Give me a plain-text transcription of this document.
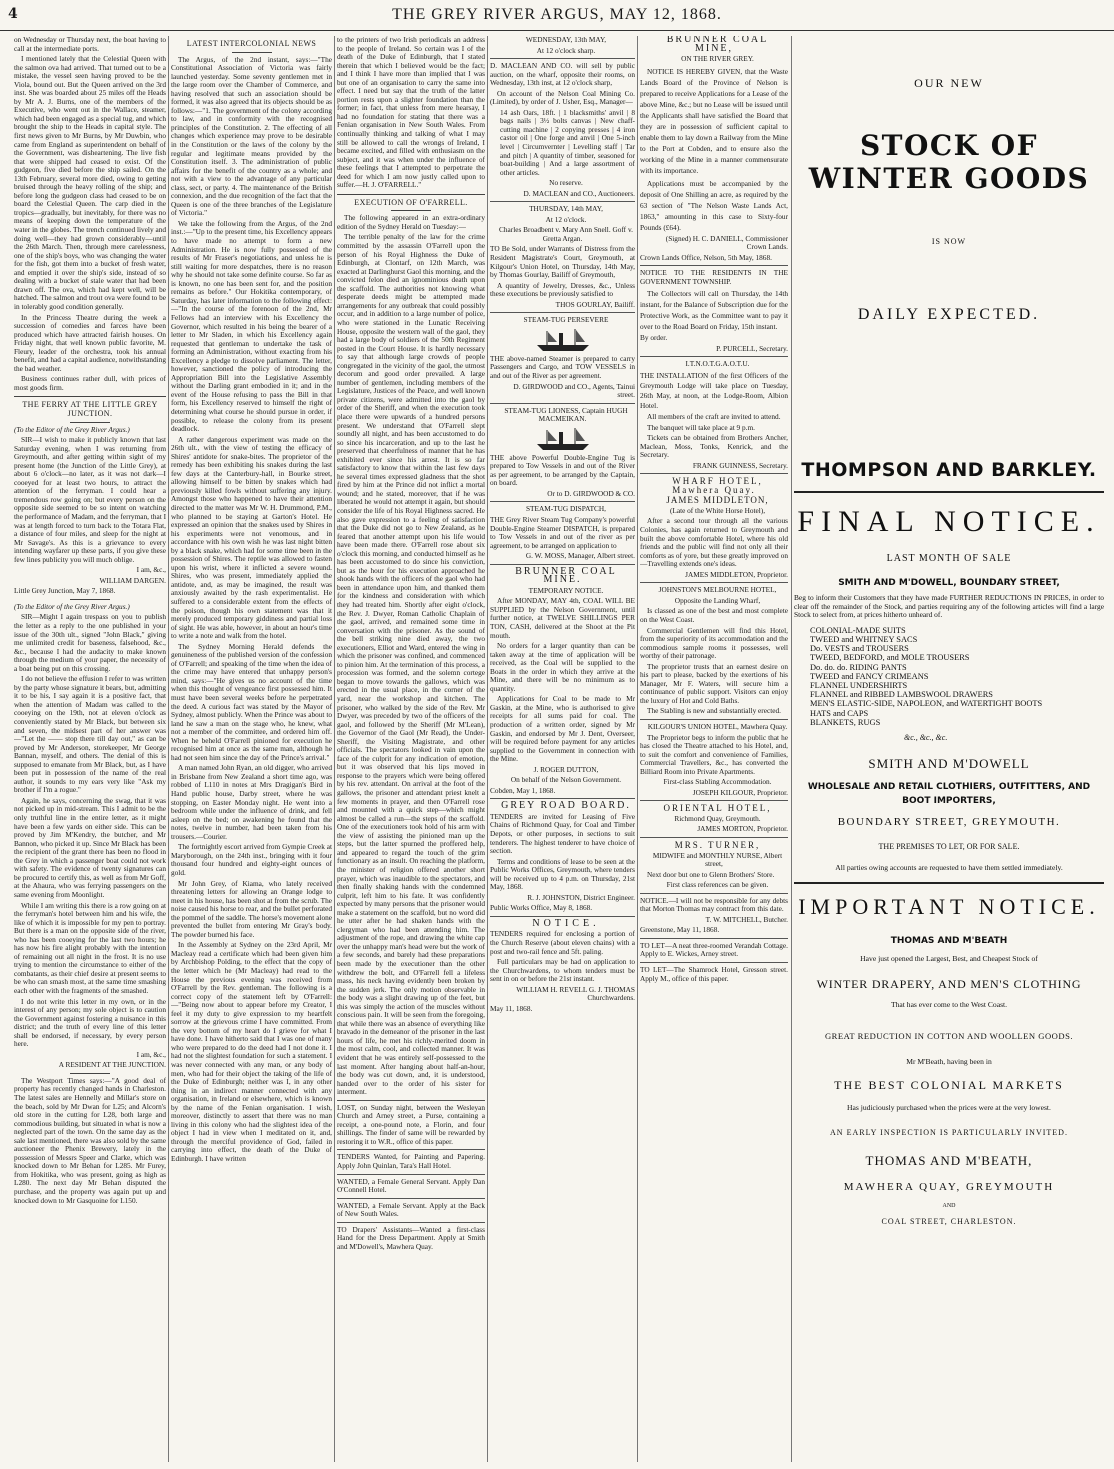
4	THE GREY RIVER ARGUS, MAY 12, 1868.

on Wednesday or Thursday next, the boat having to call at the intermediate ports.

I mentioned lately that the Celestial Queen with the salmon ova had arrived. That turned out to be a mistake, the vessel seen having proved to be the Viola, bound out. But the Queen arrived on the 3rd inst. She was boarded about 25 miles off the Heads by Mr A. J. Burns, one of the members of the Executive, who went out in the Wallace, steamer, which had been engaged as a special tug, and which brought the ship to the Heads in capital style. The first news given to Mr Burns, by Mr Duwbin, who came from England as superintendent on behalf of the Government, was disheartening. The live fish that were shipped had ceased to exist. Of the gudgeon, five died before the ship sailed. On the 13th February, several more died, owing to getting bruised through the heavy rolling of the ship; and before long the gudgeon class had ceased to be on board the Celestial Queen. The carp died in the tropics—gradually, but inevitably, for there was no means of keeping down the temperature of the water in the globes. The trench continued lively and doing well—they had grown considerably—until the 26th March. Then, through mere carelessness, one of the ship's boys, who was changing the water for the fish, got them into a bucket of fresh water, and emptied it over the ship's side, instead of so dealing with a bucket of stale water that had been drawn off. The ova, which had kept well, will be hatched. The salmon and trout ova were found to be in tolerably good condition generally.

In the Princess Theatre during the week a succession of comedies and farces have been produced which have attracted fairish houses. On Friday night, that well known public favorite, M. Fleury, leader of the orchestra, took his annual benefit, and had a capital audience, notwithstanding the bad weather.

Business continues rather dull, with prices of most goods firm.

THE FERRY AT THE LITTLE GREY JUNCTION.

(To the Editor of the Grey River Argus.)

SIR—I wish to make it publicly known that last Saturday evening, when I was returning from Greymouth, and after getting within sight of my present home (the Junction of the Little Grey), at about 6 o'clock—no later, as it was not dark—I cooeyed for at least two hours, to attract the attention of the ferryman. I could hear a tremendous row going on; but every person on the opposite side seemed to be so intent on watching the performance of Madam, and the ferryman, that I was at length forced to turn back to the Totara Flat, a distance of four miles, and sleep for the night at Mr Savage's. As this is a grievance to every intending wayfarer up these parts, if you give these few lines publicity you will much oblige.

I am, &c.,

WILLIAM DARGEN.

Little Grey Junction, May 7, 1868.

(To the Editor of the Grey River Argus.)

SIR—Might I again trespass on you to publish the letter as a reply to the one published in your issue of the 30th ult., signed "John Black," giving me unlimited credit for baseness, falsehood, &c., &c., because I had the audacity to make known through the medium of your paper, the necessity of a boat being put on this crossing.

I do not believe the effusion I refer to was written by the party whose signature it bears, but, admitting it to be his, I say again it is a positive fact, that when the attention of Madam was called to the cooeying on the 19th, not at eleven o'clock as conveniently stated by Mr Black, but between six and seven, the midsest part of her answer was—"Let the —— stop there till day out," as can be proved by Mr Anderson, storekeeper, Mr George Bannan, myself, and others. The denial of this is supposed to emanate from Mr Black, but, as I have been put in possession of the name of the real author, it sounds to my ears very like "Ask my brother if I'm a rogue."

Again, he says, concerning the swag, that it was not picked up in mid-stream. This I admit to be the only truthful line in the entire letter, as it might have been a few yards on either side. This can be proved by Jim M'Kendry, the butcher, and Mr Bannon, who picked it up. Since Mr Black has been the recipient of the grant there has been no flood in the Grey in which a passenger boat could not work with safety. The evidence of twenty signatures can be procured to certify this, as well as from Mr Goff, at the Ahaura, who was ferrying passengers on the same evening from Moonlight.

While I am writing this there is a row going on at the ferryman's hotel between him and his wife, the like of which it is impossible for my pen to portray. But there is a man on the opposite side of the river, who has been cooeying for the last two hours; he has now his fire alight probably with the intention of remaining out all night in the frost. It is no use trying to mention the circumstance to either of the combatants, as their chief desire at present seems to be who can smash most, at the same time smashing each other with the fragments of the smashed.

I do not write this letter in my own, or in the interest of any person; my sole object is to caution the Government against fostering a nuisance in this district; and the truth of every line of this letter shall be endorsed, if necessary, by every person here.

I am, &c.,

A RESIDENT AT THE JUNCTION.

The Westport Times says:—"A good deal of property has recently changed hands in Charleston. The latest sales are Hennelly and Millar's store on the beach, sold by Mr Dwan for L25; and Alcorn's old store in the cutting for L28, both large and commodious building, but situated in what is now a neglected part of the town. On the same day as the sale last mentioned, there was also sold by the same auctioneer the Phenix Brewery, lately in the possession of Messrs Speer and Clarke, which was knocked down to Mr Behan for L285. Mr Furey, from Hokitika, who was present, going as high as L280. The next day Mr Behan disputed the purchase, and the property was again put up and knocked down to Mr Gasquoine for L150.

LATEST INTERCOLONIAL NEWS

The Argus, of the 2nd instant, says:—"The Constitutional Association of Victoria was fairly launched yesterday. Some seventy gentlemen met in the large room over the Chamber of Commerce, and having resolved that such an association should be formed, it was also agreed that its objects should be as follows:—"1. The government of the colony according to law, and in conformity with the recognised principles of the Constitution. 2. The effecting of all changes which experience may prove to be desirable in the Constitution or the laws of the colony by the regular and legitimate means provided by the Constitution itself. 3. The administration of public affairs for the benefit of the country as a whole; and not with a view to the advantage of any particular class, sect, or party. 4. The maintenance of the British connexion, and the due recognition of the fact that the Queen is one of the three branches of the Legislature of Victoria."

We take the following from the Argus, of the 2nd inst.:—"Up to the present time, his Excellency appears to have made no attempt to form a new Administration. He is now fully possessed of the results of Mr Fraser's negotiations, and unless he is still waiting for more despatches, there is no reason why he should not take some definite course. So far as is known, no one has been sent for, and the position remains as before." Our Hokitika contemporary, of Saturday, has later information to the following effect:—"In the course of the forenoon of the 2nd, Mr Fellows had an interview with his Excellency the Governor, which resulted in his being the bearer of a letter to Mr Sladen, in which his Excellency again requested that gentleman to undertake the task of forming an Administration, without exacting from his Excellency a pledge to dissolve parliament. The letter, however, sanctioned the policy of introducing the Appropriation Bill into the Legislative Assembly without the Darling grant embodied in it; and in the event of the House refusing to pass the Bill in that form, his Excellency reserved to himself the right of determining what course he should pursue in order, if possible, to release the colony from its present deadlock.

A rather dangerous experiment was made on the 26th ult., with the view of testing the efficacy of Shires' antidote for snake-bites. The proprietor of the remedy has been exhibiting his snakes during the last few days at the Canterbury-hall, in Bourke street, allowing himself to be bitten by snakes which had previously killed fowls without suffering any injury. Amongst those who happened to have their attention directed to the matter was Mr W. H. Drummond, P.M., who planned to be staying at Garton's Hotel. He expressed an opinion that the snakes used by Shires in his experiments were not venomous, and in accordance with his own wish he was last night bitten by a black snake, which had for some time been in the possession of Shires. The reptile was allowed to fasten upon his wrist, where it inflicted a severe wound. Shires, who was present, immediately applied the antidote, and, as may be imagined, the result was anxiously awaited by the rash experimentalist. He suffered to a considerable extent from the effects of the poison, though his own statement was that it merely produced temporary giddiness and partial loss of sight. He was able, however, in about an hour's time to write a note and walk from the hotel.

The Sydney Morning Herald defends the genuineness of the published version of the confession of O'Farrell; and speaking of the time when the idea of the crime may have entered that unhappy person's mind, says:—"He gives us no account of the time when this thought of vengeance first possessed him. It must have been several weeks before he perpetrated the deed. A curious fact was stated by the Mayor of Sydney, almost publicly. When the Prince was about to land he saw a man on the stage who, he knew, what not a member of the committee, and ordered him off. When he beheld O'Farrell pinioned for execution he recognised him at once as the same man, although he had not seen him since the day of the Prince's arrival."

A man named John Ryan, an old digger, who arrived in Brisbane from New Zealand a short time ago, was robbed of L110 in notes at Mrs Dragigan's Bird in Hand public house, Darby street, where he was stopping, on Easter Monday night. He went into a bedroom while under the influence of drink, and fell asleep on the bed; on awakening he found that the notes, twelve in number, had been taken from his trousers.—Courier.

The fortnightly escort arrived from Gympie Creek at Maryborough, on the 24th inst., bringing with it four thousand four hundred and eighty-eight ounces of gold.

Mr John Grey, of Kiama, who lately received threatening letters for allowing an Orange lodge to meet in his house, has been shot at from the scrub. The noise caused his horse to rear, and the bullet perforated the pommel of the saddle. The horse's movement alone prevented the bullet from entering Mr Gray's body. The powder burned his face.

In the Assembly at Sydney on the 23rd April, Mr Macleay read a certificate which had been given him by Archbishop Polding, to the effect that the copy of the letter which he (Mr Macleay) had read to the House the previous evening was received from O'Farrell by the Rev. gentleman. The following is a correct copy of the statement left by O'Farrell:—"Being now about to appear before my Creator, I feel it my duty to give expression to my heartfelt sorrow at the grievous crime I have committed. From the very bottom of my heart do I grieve for what I have done. I have hitherto said that I was one of many who were prepared to do the deed had I not done it. I had not the slightest foundation for such a statement. I was never connected with any man, or any body of men, who had for their object the taking of the life of the Duke of Edinburgh; neither was I, in any other thing in an indirect manner connected with any organisation, in Ireland or elsewhere, which is known by the name of the Fenian organisation. I wish, moreover, distinctly to assert that there was no man living in this colony who had the slightest idea of the object I had in view when I meditated on it, and, through the merciful providence of God, failed in carrying into effect, the death of the Duke of Edinburgh. I have written

to the printers of two Irish periodicals an address to the people of Ireland. So certain was I of the death of the Duke of Edinburgh, that I stated therein that which I believed would be the fact; and I think I have more than implied that I was but one of an organisation to carry the same into effect. I need but say that the truth of the latter portion rests upon a slighter foundation than the former; in fact, that unless from mere hearsay, I had no foundation for stating that there was a Fenian organisation in New South Wales. From continually thinking and talking of what I may still be allowed to call the wrongs of Ireland, I became excited, and filled with enthusiasm on the subject, and it was when under the influence of these feelings that I attempted to perpetrate the deed for which I am now justly called upon to suffer.—H. J. O'FARRELL."

EXECUTION OF O'FARRELL.

The following appeared in an extra-ordinary edition of the Sydney Herald on Tuesday:—

The terrible penalty of the law for the crime committed by the assassin O'Farrell upon the person of his Royal Highness the Duke of Edinburgh, at Clontarf, on 12th March, was exacted at Darlinghurst Gaol this morning, and the convicted felon died an ignominious death upon the scaffold. The authorities not knowing what desperate deeds might be attempted made arrangements for any outbreak that could possibly occur, and in addition to a large number of police, who were stationed in the Lunatic Receiving House, opposite the western wall of the gaol, they had a large body of soldiers of the 50th Regiment posted in the Court House. It is hardly necessary to say that although large crowds of people congregated in the vicinity of the gaol, the utmost decorum and good order prevailed. A large number of gentlemen, including members of the Legislature, Justices of the Peace, and well known private citizens, were admitted into the gaol by order of the Sheriff, and when the execution took place there were upwards of a hundred persons present. We understand that O'Farrell slept soundly all night, and has been accustomed to do so since his incarceration, and up to the last he preserved that cheerfulness of manner that he has exhibited ever since his arrest. It is so far satisfactory to know that within the last few days he several times expressed gladness that the shot fired by him at the Prince did not inflict a mortal wound; and he stated, moreover, that if he was liberated he would not attempt it again, but should consider the life of his Royal Highness sacred. He also gave expression to a feeling of satisfaction that the Duke did not go to New Zealand, as he feared that another attempt upon his life would have been made there. O'Farrell rose about six o'clock this morning, and conducted himself as he has been accustomed to do since his conviction, but as the hour for his execution approached he shook hands with the officers of the gaol who had been in attendance upon him, and thanked them for the kindness and consideration with which they had treated him. Shortly after eight o'clock, the Rev. J. Dwyer, Roman Catholic Chaplain of the gaol, arrived, and remained some time in conversation with the prisoner. As the sound of the bell striking nine died away, the two executioners, Elliot and Ward, entered the wing in which the prisoner was confined, and commenced to pinion him. At the termination of this process, a procession was formed, and the solemn cortege began to move towards the gallows, which was erected in the usual place, in the corner of the yard, near the workshop and kitchen. The prisoner, who walked by the side of the Rev. Mr Dwyer, was preceded by two of the officers of the gaol, and followed by the Sheriff (Mr M'Lean), the Governor of the Gaol (Mr Read), the Under-Sheriff, the Visiting Magistrate, and other officials. The spectators looked in vain upon the face of the culprit for any indication of emotion, but it was observed that his lips moved in response to the prayers which were being offered by his rev. attendant. On arrival at the foot of the gallows, the prisoner and attendant priest knelt a few moments in prayer, and then O'Farrell rose and mounted with a quick step—which might almost be called a run—the steps of the scaffold. One of the executioners took hold of his arm with the view of assisting the pinioned man up the steps, but the latter spurned the proffered help, and appeared to regard the touch of the grim functionary as an insult. On reaching the platform, the minister of religion offered another short prayer, which was inaudible to the spectators, and then finally shaking hands with the condemned culprit, left him to his fate. It was confidently expected by many persons that the prisoner would make a statement on the scaffold, but no word did he utter after he had shaken hands with the clergyman who had been attending him. The adjustment of the rope, and drawing the white cap over the unhappy man's head were but the work of a few seconds, and barely had these preparations been made by the executioner than the other withdrew the bolt, and O'Farrell fell a lifeless mass, his neck having evidently been broken by the sudden jerk. The only motion observable in the body was a slight drawing up of the feet, but this was simply the action of the muscles without conscious pain. It will be seen from the foregoing, that while there was an absence of everything like bravado in the demeanor of the prisoner in the last hours of life, he met his richly-merited doom in the most calm, cool, and collected manner. It was evident that he was entirely self-possessed to the last moment. After hanging about half-an-hour, the body was cut down, and, it is understood, handed over to the order of his sister for interment.

LOST, on Sunday night, between the Wesleyan Church and Arney street, a Purse, containing a receipt, a one-pound note, a Florin, and four shillings. The finder of same will be rewarded by restoring it to W.R., office of this paper.

TENDERS Wanted, for Painting and Papering. Apply John Quinlan, Tara's Hall Hotel.

WANTED, a Female General Servant. Apply Dan O'Connell Hotel.

WANTED, a Female Servant. Apply at the Back of New South Wales.

TO Drapers' Assistants—Wanted a first-class Hand for the Dress Department. Apply at Smith and M'Dowell's, Mawhera Quay.

WEDNESDAY, 13th MAY,

At 12 o'clock sharp.

D. MACLEAN AND CO. will sell by public auction, on the wharf, opposite their rooms, on Wednesday, 13th inst, at 12 o'clock sharp,

On account of the Nelson Coal Mining Co. (Limited), by order of J. Usher, Esq., Manager—

14 ash Oars, 18ft. | 1 blacksmiths' anvil | 8 bags nails | 3½ bolts canvas | New chaff-cutting machine | 2 copying presses | 4 iron castor oil | One forge and anvil | One 5-inch level | Circumvernter | Levelling staff | Tar and pitch | A quantity of timber, seasoned for boat-building | And a large assortment of other articles.

No reserve.

D. MACLEAN and CO., Auctioneers.

THURSDAY, 14th MAY,

At 12 o'clock.

Charles Broadbent v. Mary Ann Snell. Goff v. Gretta Argan.

TO Be Sold, under Warrants of Distress from the Resident Magistrate's Court, Greymouth, at Kilgour's Union Hotel, on Thursday, 14th May, by Thomas Gourlay, Bailiff of Greymouth,

A quantity of Jewelry, Dresses, &c., Unless these executions be previously satisfied to

THOS GOURLAY, Bailiff.

STEAM-TUG PERSEVERE

THE above-named Steamer is prepared to carry Passengers and Cargo, and TOW VESSELS in and out of the River as per agreement.

D. GIRDWOOD and CO., Agents, Tainui street.

STEAM-TUG LIONESS, Captain HUGH MACMEIKAN.

THE above Powerful Double-Engine Tug is prepared to Tow Vessels in and out of the River as per agreement, to be arranged by the Captain, on board.

Or to D. GIRDWOOD & CO.

STEAM-TUG DISPATCH,

THE Grey River Steam Tug Company's powerful Double-Engine Steamer DISPATCH, is prepared to Tow Vessels in and out of the river as per agreement, to be arranged on application to

G. W. MOSS, Manager, Albert street.

BRUNNER COAL MINE.

TEMPORARY NOTICE.

After MONDAY, MAY 4th, COAL WILL BE SUPPLIED by the Nelson Government, until further notice, at TWELVE SHILLINGS PER TON, CASH, delivered at the Shoot at the Pit mouth.

No orders for a larger quantity than can be taken away at the time of application will be received, as the Coal will be supplied to the Boats in the order in which they arrive at the Mine, and there will be no minimum as to quantity.

Applications for Coal to be made to Mr Gaskin, at the Mine, who is authorised to give receipts for all sums paid for coal. The production of a written order, signed by Mr Gaskin, and endorsed by Mr J. Dent, Overseer, will be required before payment for any articles supplied to the Government in connection with the Mine.

J. ROGER DUTTON,

On behalf of the Nelson Government.

Cobden, May 1, 1868.

GREY ROAD BOARD.

TENDERS are invited for Leasing of Five Chains of Richmond Quay, for Coal and Timber Depots, or other purposes, in sections to suit tenderers. The highest tenderer to have choice of section.

Terms and conditions of lease to be seen at the Public Works Offices, Greymouth, where tenders will be received up to 4 p.m. on Thursday, 21st May, 1868.

R. J. JOHNSTON, District Engineer.

Public Works Office, May 8, 1868.

NOTICE.

TENDERS required for enclosing a portion of the Church Reserve (about eleven chains) with a post and two-rail fence and 5ft. paling.

Full particulars may be had on application to the Churchwardens, to whom tenders must be sent in on or before the 21st instant.

WILLIAM H. REVELL G. J. THOMAS Churchwardens.

May 11, 1868.

BRUNNER COAL MINE,

ON THE RIVER GREY.

NOTICE IS HEREBY GIVEN, that the Waste Lands Board of the Province of Nelson is prepared to receive Applications for a Lease of the above Mine, &c.; but no Lease will be issued until the Applicants shall have satisfied the Board that they are in possession of sufficient capital to enable them to lay down a Railway from the Mine to the Port at Cobden, and to ensure also the working of the Mine in a manner commensurate with its importance.

Applications must be accompanied by the deposit of One Shilling an acre, as required by the 63 section of "The Nelson Waste Lands Act, 1863," amounting in this case to Sixty-four Pounds (£64).

(Signed) H. C. DANIELL, Commissioner Crown Lands.

Crown Lands Office, Nelson, 5th May, 1868.

NOTICE TO THE RESIDENTS IN THE GOVERNMENT TOWNSHIP.

The Collectors will call on Thursday, the 14th instant, for the Balance of Subscription due for the Protective Work, as the Committee want to pay it over to the Road Board on Friday, 15th instant.

By order.

P. PURCELL, Secretary.

I.T.N.O.T.G.A.O.T.U.

THE INSTALLATION of the first Officers of the Greymouth Lodge will take place on Tuesday, 26th May, at noon, at the Lodge-Room, Albion Hotel.

All members of the craft are invited to attend.

The banquet will take place at 9 p.m.

Tickets can be obtained from Brothers Ancher, Maclean, Moss, Tonks, Kenrick, and the Secretary.

FRANK GUINNESS, Secretary.

WHARF HOTEL, Mawhera Quay.

JAMES MIDDLETON,

(Late of the White Horse Hotel),

After a second tour through all the various Colonies, has again returned to Greymouth and built the above comfortable Hotel, where his old friends and the public will find not only all their comforts as of yore, but these greatly improved on—Travelling extends one's ideas.

JAMES MIDDLETON, Proprietor.

JOHNSTON'S MELBOURNE HOTEL,

Opposite the Landing Wharf,

Is classed as one of the best and most complete on the West Coast.

Commercial Gentlemen will find this Hotel, from the superiority of its accommodation and the commodious sample rooms it possesses, well worthy of their patronage.

The proprietor trusts that an earnest desire on his part to please, backed by the exertions of his Manager, Mr F. Waters, will secure him a continuance of public support. Visitors can enjoy the luxury of Hot and Cold Baths.

The Stabling is new and substantially erected.

KILGOUR'S UNION HOTEL, Mawhera Quay.

The Proprietor begs to inform the public that he has closed the Theatre attached to his Hotel, and, to suit the comfort and convenience of Families, Commercial Travellers, &c., has converted the Billiard Room into Private Apartments.

First-class Stabling Accommodation.

JOSEPH KILGOUR, Proprietor.

ORIENTAL HOTEL,

Richmond Quay, Greymouth.

JAMES MORTON, Proprietor.

MRS. TURNER,

MIDWIFE and MONTHLY NURSE, Albert street,

Next door but one to Glenn Brothers' Store.

First class references can be given.

NOTICE.—I will not be responsible for any debts that Morton Thomas may contract from this date.

T. W. MITCHELL, Butcher.

Greenstone, May 11, 1868.

TO LET—A neat three-roomed Verandah Cottage. Apply to E. Wickes, Arney street.

TO LET—The Shamrock Hotel, Gresson street. Apply M., office of this paper.

OUR NEW
STOCK OF WINTER GOODS
IS NOW
DAILY EXPECTED.
THOMPSON AND BARKLEY.
FINAL NOTICE.
LAST MONTH OF SALE
SMITH AND M'DOWELL, BOUNDARY STREET,
Beg to inform their Customers that they have made FURTHER REDUCTIONS IN PRICES, in order to clear off the remainder of the Stock, and parties requiring any of the following articles will find a large Stock to select from, at prices hitherto unheard of.
COLONIAL-MADE SUITS
TWEED and WHITNEY SACS
Do. VESTS and TROUSERS
TWEED, BEDFORD, and MOLE TROUSERS
Do. do. do. RIDING PANTS
TWEED and FANCY CRIMEANS
FLANNEL UNDERSHIRTS
FLANNEL and RIBBED LAMBSWOOL DRAWERS
MEN'S ELASTIC-SIDE, NAPOLEON, and WATERTIGHT BOOTS
HATS and CAPS
BLANKETS, RUGS
&c., &c., &c.
SMITH AND M'DOWELL
WHOLESALE AND RETAIL CLOTHIERS, OUTFITTERS, AND BOOT IMPORTERS,
BOUNDARY STREET, GREYMOUTH.
THE PREMISES TO LET, OR FOR SALE.
All parties owing accounts are requested to have them settled immediately.
IMPORTANT NOTICE.
THOMAS AND M'BEATH
Have just opened the Largest, Best, and Cheapest Stock of
WINTER DRAPERY, AND MEN'S CLOTHING
That has ever come to the West Coast.
GREAT REDUCTION IN COTTON AND WOOLLEN GOODS.
Mr M'Beath, having been in
THE BEST COLONIAL MARKETS
Has judiciously purchased when the prices were at the very lowest.
AN EARLY INSPECTION IS PARTICULARLY INVITED.
THOMAS AND M'BEATH,
MAWHERA QUAY, GREYMOUTH
AND
COAL STREET, CHARLESTON.
